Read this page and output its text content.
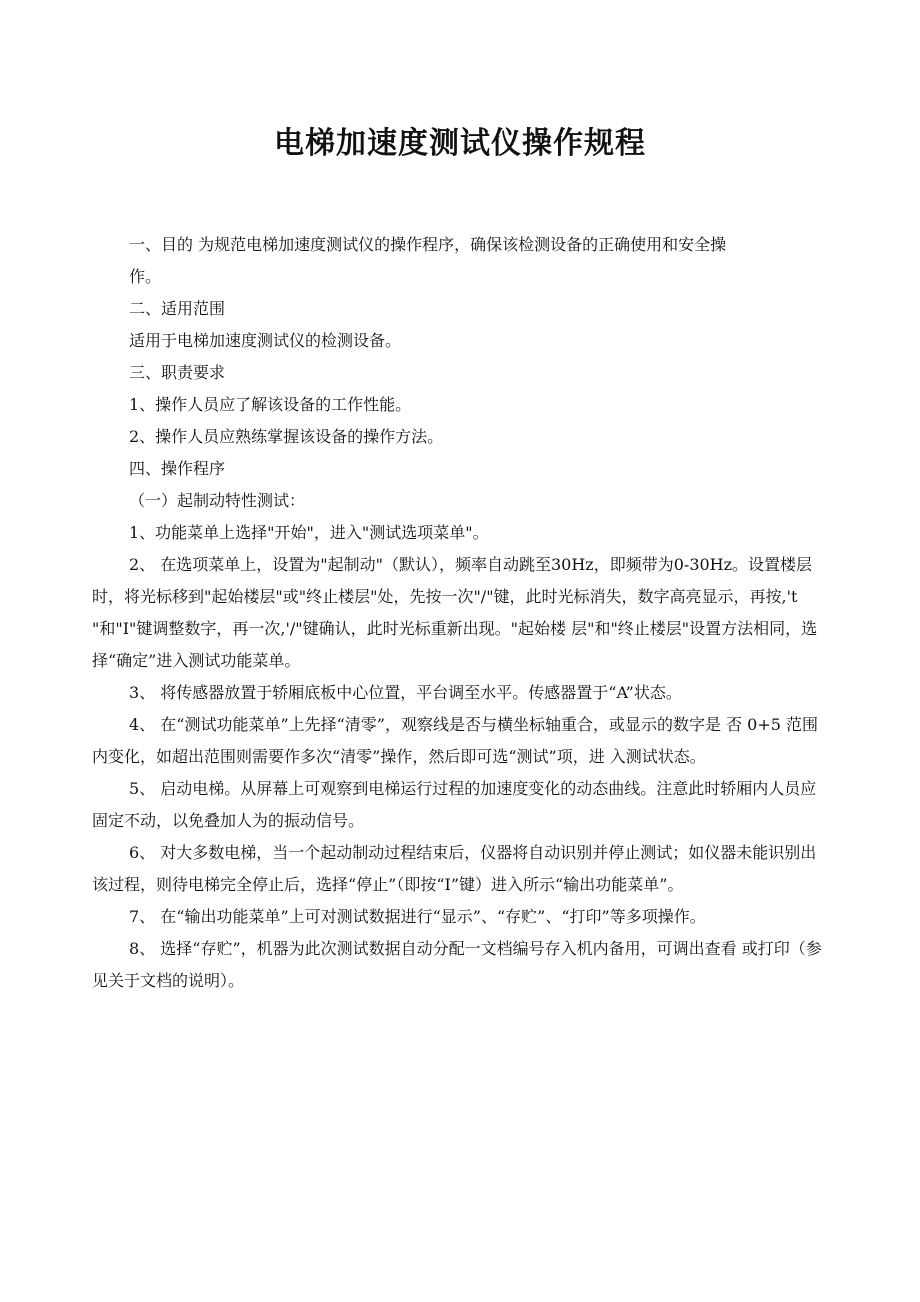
电梯加速度测试仪操作规程

一、目的 为规范电梯加速度测试仪的操作程序，确保该检测设备的正确使用和安全操

作。

二、适用范围

适用于电梯加速度测试仪的检测设备。

三、职责要求

1、操作人员应了解该设备的工作性能。

2、操作人员应熟练掌握该设备的操作方法。

四、操作程序

（一）起制动特性测试：

1、功能菜单上选择"开始"，进入"测试选项菜单"。

2、 在选项菜单上，设置为"起制动"（默认），频率自动跳至30Hz，即频带为0-30Hz。设置楼层时，将光标移到"起始楼层"或"终止楼层"处，先按一次"/"键，此时光标消失，数字高亮显示，再按,'t "和"I"键调整数字，再一次,'/"键确认，此时光标重新出现。"起始楼 层"和"终止楼层"设置方法相同，选择“确定”进入测试功能菜单。

3、 将传感器放置于轿厢底板中心位置，平台调至水平。传感器置于“A”状态。

4、 在“测试功能菜单”上先择“清零”，观察线是否与横坐标轴重合，或显示的数字是 否 0+5 范围内变化，如超出范围则需要作多次“清零”操作，然后即可选“测试”项，进 入测试状态。

5、 启动电梯。从屏幕上可观察到电梯运行过程的加速度变化的动态曲线。注意此时轿厢内人员应固定不动，以免叠加人为的振动信号。

6、 对大多数电梯，当一个起动制动过程结束后，仪器将自动识别并停止测试；如仪器未能识别出该过程，则待电梯完全停止后，选择“停止”（即按“I”键）进入所示“输出功能菜单”。

7、 在“输出功能菜单”上可对测试数据进行“显示”、“存贮”、“打印”等多项操作。

8、 选择“存贮”，机器为此次测试数据自动分配一文档编号存入机内备用，可调出查看 或打印（参见关于文档的说明）。
